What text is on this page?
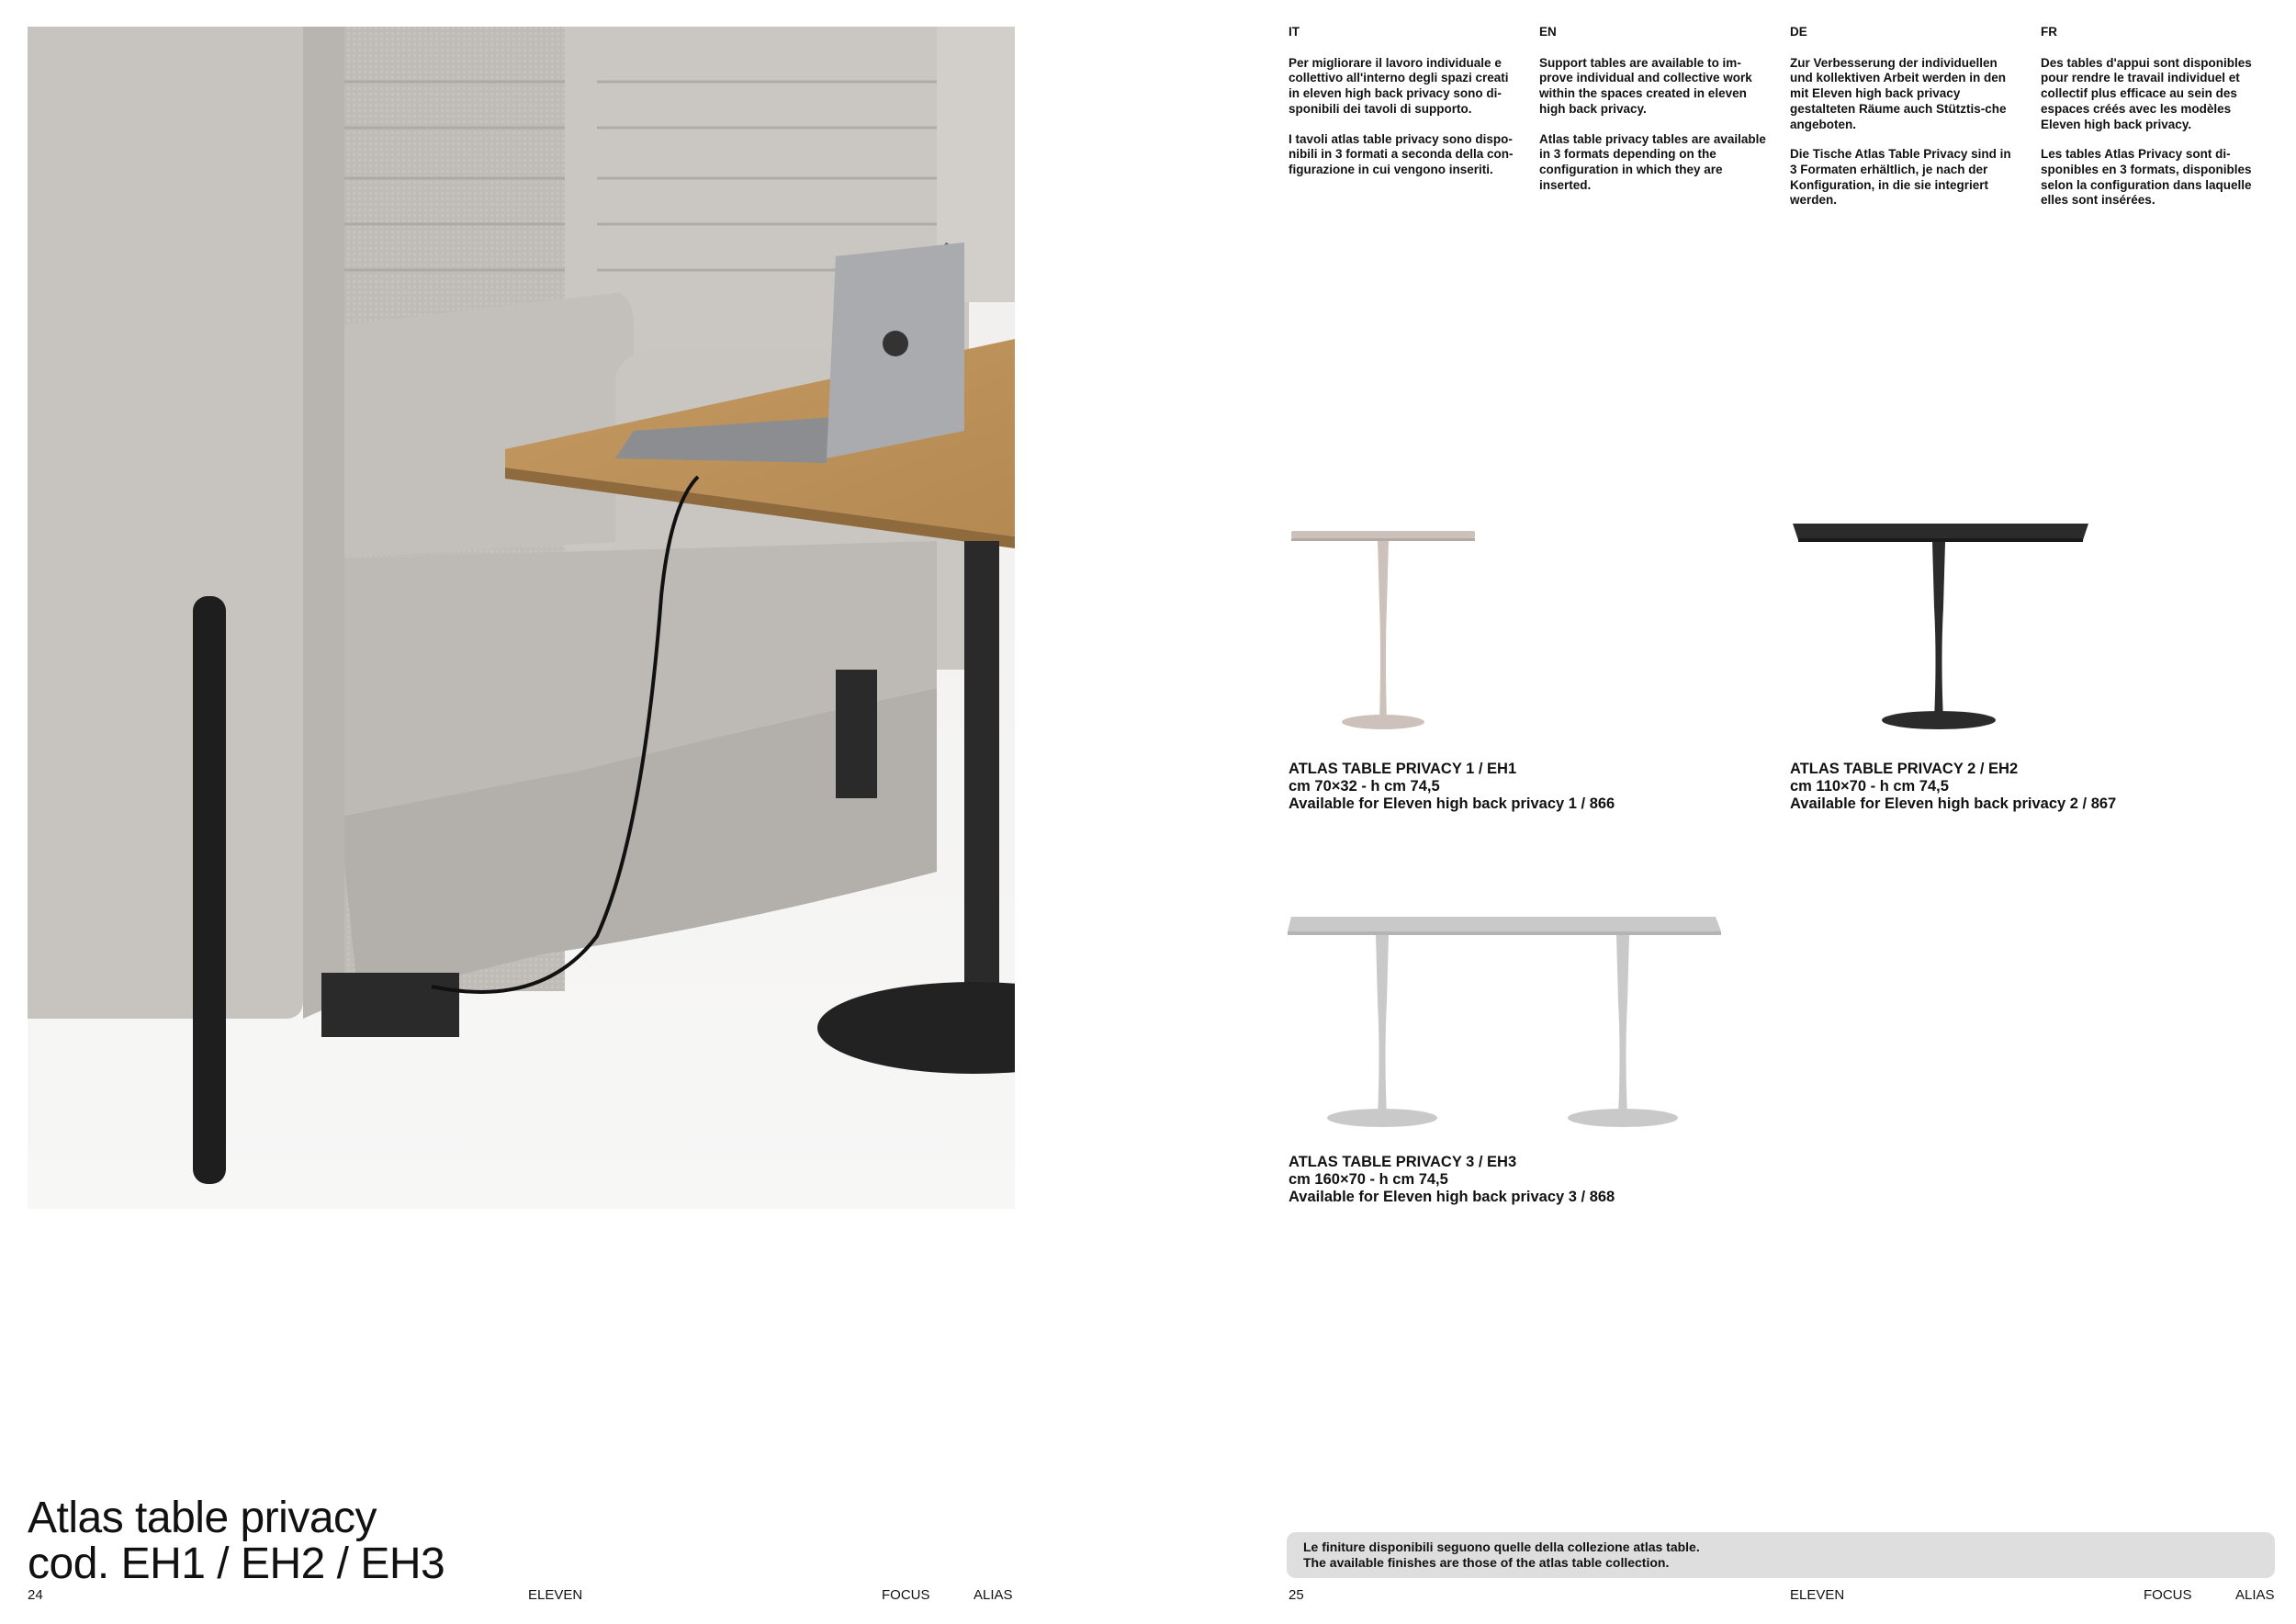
Atlas table privacy
cod. EH1 / EH2 / EH3
24	ELEVEN	FOCUS	ALIAS
IT

Per migliorare il lavoro individuale e collettivo all'interno degli spazi creati in eleven high back privacy sono di-sponibili dei tavoli di supporto.

I tavoli atlas table privacy sono dispo-nibili in 3 formati a seconda della con-figurazione in cui vengono inseriti.

EN

Support tables are available to im-prove individual and collective work within the spaces created in eleven high back privacy.

Atlas table privacy tables are available in 3 formats depending on the configuration in which they are inserted.

DE

Zur Verbesserung der individuellen und kollektiven Arbeit werden in den mit Eleven high back privacy gestalteten Räume auch Stütztis-che angeboten.

Die Tische Atlas Table Privacy sind in 3 Formaten erhältlich, je nach der Konfiguration, in die sie integriert werden.

FR

Des tables d'appui sont disponibles pour rendre le travail individuel et collectif plus efficace au sein des espaces créés avec les modèles Eleven high back privacy.

Les tables Atlas Privacy sont di-sponibles en 3 formats, disponibles selon la configuration dans laquelle elles sont insérées.

ATLAS TABLE PRIVACY 1 / EH1
cm 70×32 - h cm 74,5
Available for Eleven high back privacy 1 / 866
ATLAS TABLE PRIVACY 2 / EH2
cm 110×70 - h cm 74,5
Available for Eleven high back privacy 2 / 867
ATLAS TABLE PRIVACY 3 / EH3
cm 160×70 - h cm 74,5
Available for Eleven high back privacy 3 / 868
Le finiture disponibili seguono quelle della collezione atlas table.
The available finishes are those of the atlas table collection.
25	ELEVEN	FOCUS	ALIAS
